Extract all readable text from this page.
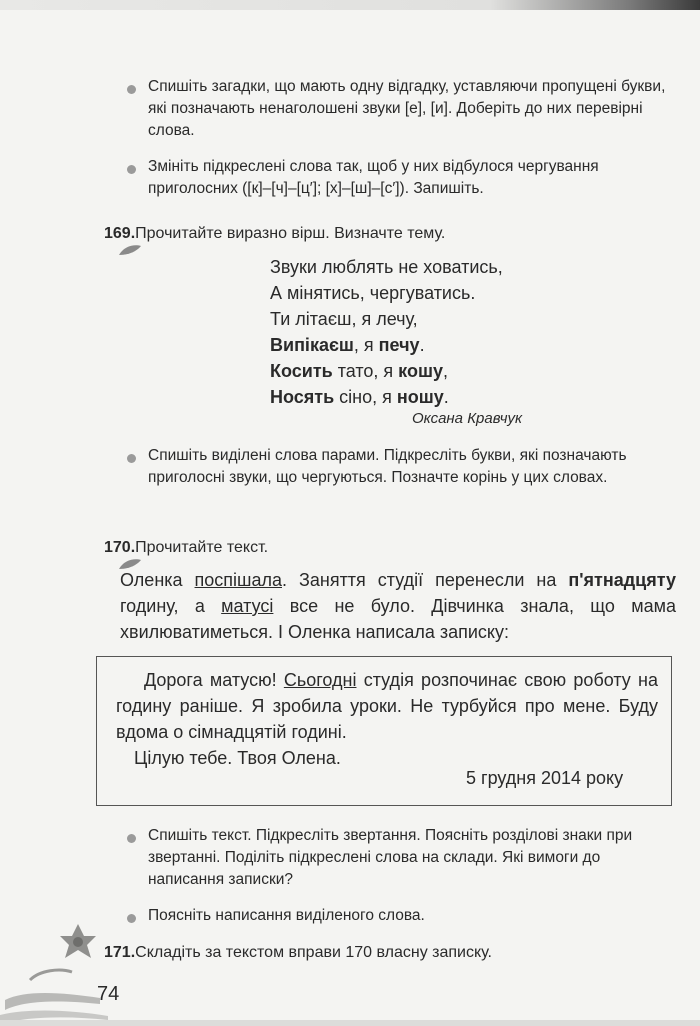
Спишіть загадки, що мають одну відгадку, уставляючи пропущені букви, які позначають ненаголошені звуки [е], [и]. Доберіть до них перевірні слова.
Змініть підкреслені слова так, щоб у них відбулося чергування приголосних ([к]–[ч]–[ц′]; [х]–[ш]–[с′]). Запишіть.
169.Прочитайте виразно вірш. Визначте тему.
Звуки люблять не ховатись,
А мінятись, чергуватись.
Ти літаєш, я лечу,
Випікаєш, я печу.
Косить тато, я кошу,
Носять сіно, я ношу.
Оксана Кравчук
Спишіть виділені слова парами. Підкресліть букви, які позначають приголосні звуки, що чергуються. Позначте корінь у цих словах.
170.Прочитайте текст.
Оленка поспішала. Заняття студії перенесли на п'ятнадцяту годину, а матусі все не було. Дівчинка знала, що мама хвилюватиметься. І Оленка написала записку:
Дорога матусю! Сьогодні студія розпочинає свою роботу на годину раніше. Я зробила уроки. Не турбуйся про мене. Буду вдома о сімнадцятій годині.
Цілую тебе. Твоя Олена.
5 грудня 2014 року
Спишіть текст. Підкресліть звертання. Поясніть розділові знаки при звертанні. Поділіть підкреслені слова на склади. Які вимоги до написання записки?
Поясніть написання виділеного слова.
171.Складіть за текстом вправи 170 власну записку.
74
